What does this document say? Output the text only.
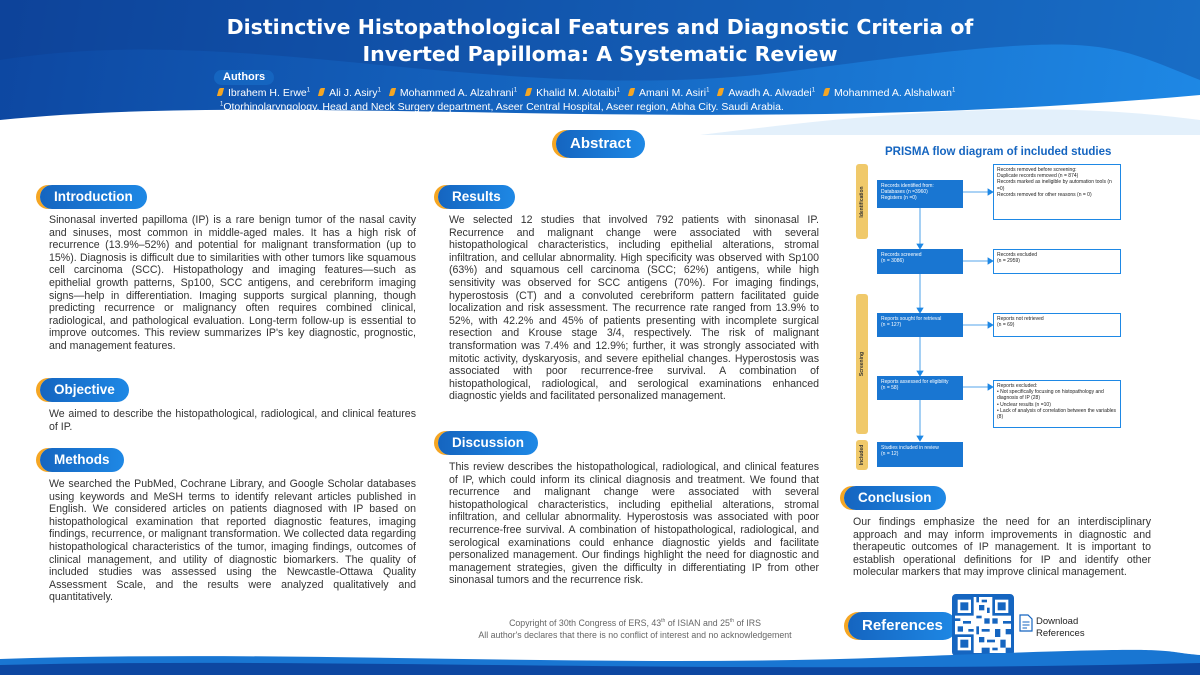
Distinctive Histopathological Features and Diagnostic Criteria of
Inverted Papilloma: A Systematic Review
Authors
Ibrahem H. Erwe$^1$ Ali J. Asiry$^1$ Mohammed A. Alzahrani$^1$ Khalid M. Alotaibi$^1$ Amani M. Asiri$^1$ Awadh A. Alwadei$^1$ Mohammed A. Alshalwan$^1$
$^1$Otorhinolaryngology, Head and Neck Surgery department, Aseer Central Hospital, Aseer region, Abha City. Saudi Arabia.
Abstract
Introduction
Sinonasal inverted papilloma (IP) is a rare benign tumor of the nasal cavity and sinuses, most common in middle-aged males. It has a high risk of recurrence (13.9%–52%) and potential for malignant transformation (up to 15%). Diagnosis is difficult due to similarities with other tumors like squamous cell carcinoma (SCC). Histopathology and imaging features—such as epithelial growth patterns, Sp100, SCC antigens, and cerebriform imaging signs—help in differentiation. Imaging supports surgical planning, though predicting recurrence or malignancy often requires combined clinical, radiological, and pathological evaluation. Long-term follow-up is essential to improve outcomes. This review summarizes IP's key diagnostic, prognostic, and management features.
Objective
We aimed to describe the histopathological, radiological, and clinical features of IP.
Methods
We searched the PubMed, Cochrane Library, and Google Scholar databases using keywords and MeSH terms to identify relevant articles published in English. We considered articles on patients diagnosed with IP based on histopathological examination that reported diagnostic features, imaging findings, recurrence, or malignant transformation. We collected data regarding histopathological characteristics of the tumor, imaging findings, outcomes of clinical management, and utility of diagnostic biomarkers. The quality of included studies was assessed using the Newcastle-Ottawa Quality Assessment Scale, and the results were analyzed qualitatively and quantitatively.
Results
We selected 12 studies that involved 792 patients with sinonasal IP. Recurrence and malignant change were associated with several histopathological characteristics, including epithelial alterations, stromal infiltration, and cellular abnormality. High specificity was observed with Sp100 (63%) and squamous cell carcinoma (SCC; 62%) antigens, while high sensitivity was observed for SCC antigens (70%). For imaging findings, hyperostosis (CT) and a convoluted cerebriform pattern facilitated guide localization and risk assessment. The recurrence rate ranged from 13.9% to 52%, with 42.2% and 45% of patients presenting with incomplete surgical resection and Krouse stage 3/4, respectively. The risk of malignant transformation was 7.4% and 12.9%; further, it was strongly associated with mitotic activity, dyskaryosis, and severe epithelial changes. Hyperostosis was associated with poor recurrence-free survival. A combination of histopathological, radiological, and serological examinations enhanced diagnostic yields and facilitated personalized management.
Discussion
This review describes the histopathological, radiological, and clinical features of IP, which could inform its clinical diagnosis and treatment. We found that recurrence and malignant change were associated with several histopathological characteristics, including epithelial alterations, stromal infiltration, and cellular abnormality. Hyperostosis was associated with poor recurrence-free survival. A combination of histopathological, radiological, and serological examinations could enhance diagnostic yields and facilitate personalized management. Our findings highlight the need for diagnostic and management strategies, given the difficulty in differentiating IP from other sinonasal tumors and the recurrence risk.
Copyright of 30th Congress of ERS, 43th of ISIAN and 25th of IRS
All author's declares that there is no conflict of interest and no acknowledgement
PRISMA flow diagram of included studies
Identification
Screening
Included
Records identified from:
Databases (n =3960)
Registers (n =0)
Records removed before screening:
Duplicate records removed (n = 874)
Records marked as ineligible by automation tools (n =0)
Records removed for other reasons (n = 0)
Records screened
(n = 3086)
Records excluded
(n = 2959)
Reports sought for retrieval
(n = 127)
Reports not retrieved
(n = 69)
Reports assessed for eligibility
(n = 58)	Reports excluded:
• Not specifically focusing on histopathology and diagnosis of IP (28)
• Unclear results (n =10)
• Lack of analysis of correlation between the variables (8)
Studies included in review
(n = 12)
Conclusion
Our findings emphasize the need for an interdisciplinary approach and may inform improvements in diagnostic and therapeutic outcomes of IP management. It is important to establish operational definitions for IP and identify other molecular markers that may improve clinical management.
References	Download
References
